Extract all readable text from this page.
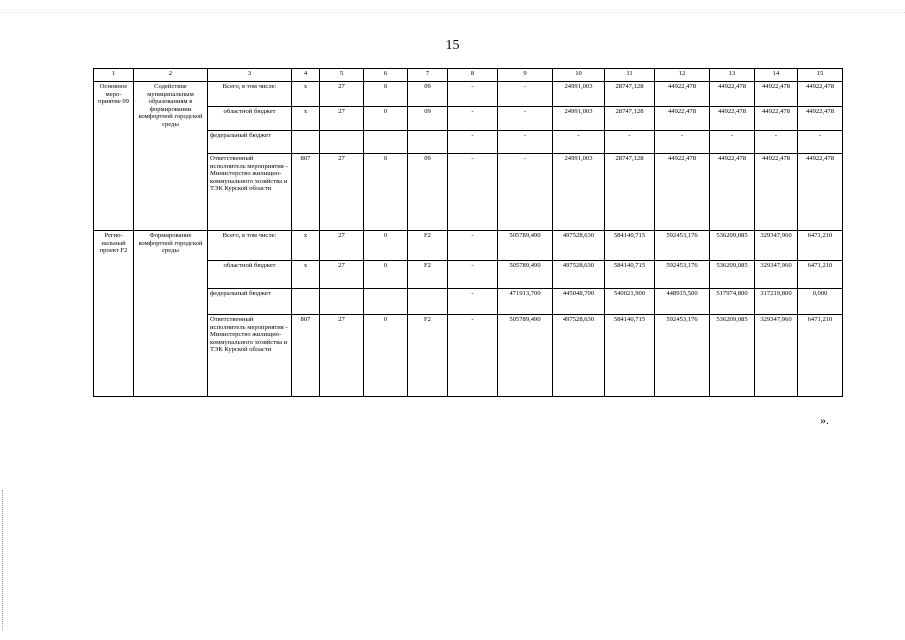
15
1	2	3	4	5	6	7	8	9	10	11	12	13	14	15
Основное меро-приятие 09	Содействие муниципальным образованиям в формировании комфортной городской среды	Всего, в том числе:	х	27	0	09	-	-	24991,003	28747,128	44922,478	44922,478	44922,478	44922,478
		областной бюджет	х	27	0	09	-	-	24991,003	28747,128	44922,478	44922,478	44922,478	44922,478
		федеральный бюджет					-	-	-	-	-	-	-	-
		Ответственный исполнитель мероприятия - Министерство жилищно-коммунального хозяйства и ТЭК Курской области	807	27	0	09	-	-	24991,003	28747,128	44922,478	44922,478	44922,478	44922,478
Регио-нальный проект F2	Формирование комфортной городской среды	Всего, в том числе:	х	27	0	F2	-	505789,490	497528,630	584140,715	592453,176	536209,085	329347,960	6471,210
		областной бюджет	х	27	0	F2	-	505789,490	497528,630	584140,715	592453,176	536209,085	329347,960	6471,210
		федеральный бюджет					-	471913,700	445048,700	540021,900	448915,500	517974,800	317219,800	0,000
		Ответственный исполнитель мероприятия - Министерство жилищно-коммунального хозяйства и ТЭК Курской области	807	27	0	F2	-	505789,490	497528,630	584140,715	592453,176	536209,085	329347,960	6471,210
».
